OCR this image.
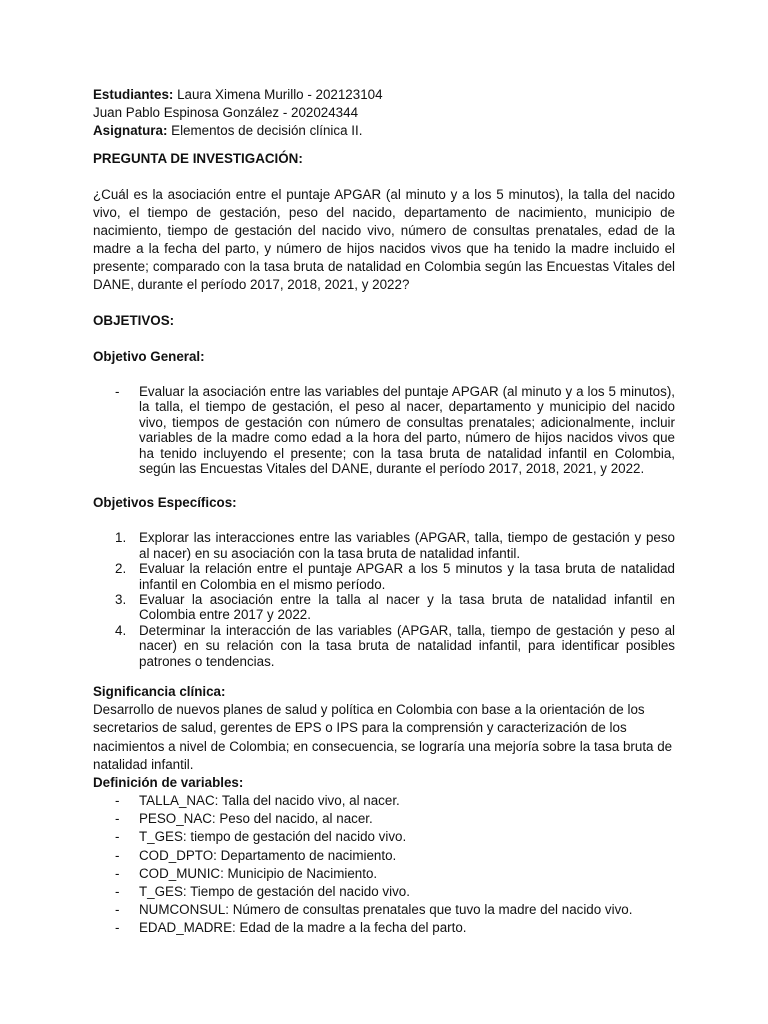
Estudiantes: Laura Ximena Murillo - 202123104

Juan Pablo Espinosa González - 202024344

Asignatura: Elementos de decisión clínica II.

PREGUNTA DE INVESTIGACIÓN:

¿Cuál es la asociación entre el puntaje APGAR (al minuto y a los 5 minutos), la talla del nacido vivo, el tiempo de gestación, peso del nacido, departamento de nacimiento, municipio de nacimiento, tiempo de gestación del nacido vivo, número de consultas prenatales, edad de la madre a la fecha del parto, y número de hijos nacidos vivos que ha tenido la madre incluido el presente; comparado con la tasa bruta de natalidad en Colombia según las Encuestas Vitales del DANE, durante el período 2017, 2018, 2021, y 2022?

OBJETIVOS:

Objetivo General:

- Evaluar la asociación entre las variables del puntaje APGAR (al minuto y a los 5 minutos), la talla, el tiempo de gestación, el peso al nacer, departamento y municipio del nacido vivo, tiempos de gestación con número de consultas prenatales; adicionalmente, incluir variables de la madre como edad a la hora del parto, número de hijos nacidos vivos que ha tenido incluyendo el presente; con la tasa bruta de natalidad infantil en Colombia, según las Encuestas Vitales del DANE, durante el período 2017, 2018, 2021, y 2022.

Objetivos Específicos:

1. Explorar las interacciones entre las variables (APGAR, talla, tiempo de gestación y peso al nacer) en su asociación con la tasa bruta de natalidad infantil.
2. Evaluar la relación entre el puntaje APGAR a los 5 minutos y la tasa bruta de natalidad infantil en Colombia en el mismo período.
3. Evaluar la asociación entre la talla al nacer y la tasa bruta de natalidad infantil en Colombia entre 2017 y 2022.
4. Determinar la interacción de las variables (APGAR, talla, tiempo de gestación y peso al nacer) en su relación con la tasa bruta de natalidad infantil, para identificar posibles patrones o tendencias.

Significancia clínica:

Desarrollo de nuevos planes de salud y política en Colombia con base a la orientación de los secretarios de salud, gerentes de EPS o IPS para la comprensión y caracterización de los nacimientos a nivel de Colombia; en consecuencia, se lograría una mejoría sobre la tasa bruta de natalidad infantil.

Definición de variables:

- TALLA_NAC: Talla del nacido vivo, al nacer.
- PESO_NAC: Peso del nacido, al nacer.
- T_GES: tiempo de gestación del nacido vivo.
- COD_DPTO: Departamento de nacimiento.
- COD_MUNIC: Municipio de Nacimiento.
- T_GES: Tiempo de gestación del nacido vivo.
- NUMCONSUL: Número de consultas prenatales que tuvo la madre del nacido vivo.
- EDAD_MADRE: Edad de la madre a la fecha del parto.
